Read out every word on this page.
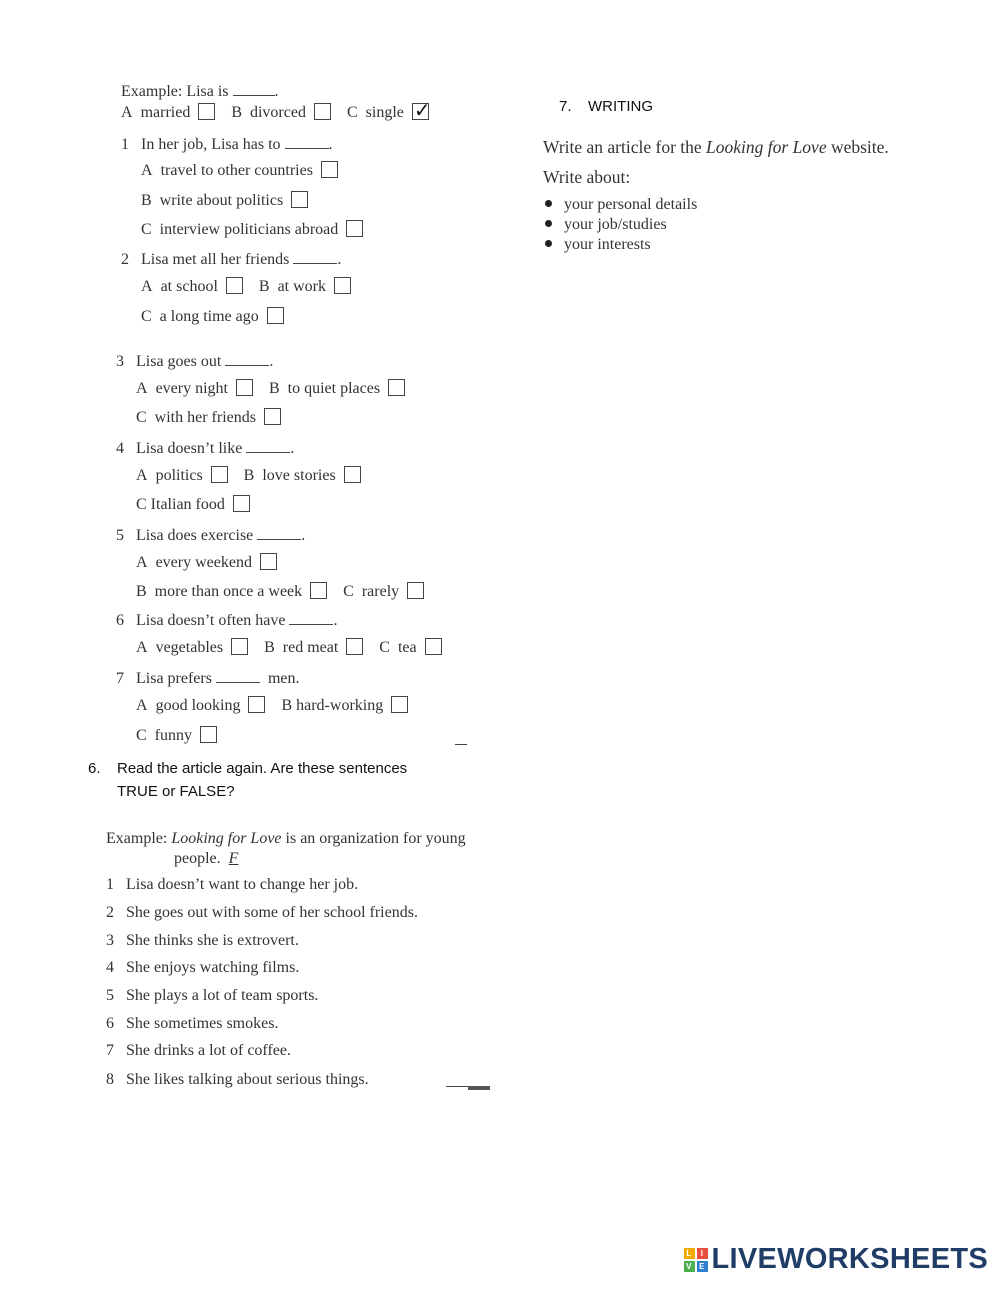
Example: Lisa is	.
A
married	B
divorced	C
single
✓
1 In her job, Lisa has to	.
A
travel to other countries
B
write about politics
C
interview politicians abroad
2 Lisa met all her friends	.
A
at school	B
at work
C
a long time ago
3 Lisa goes out	.
A
every night	B
to quiet places
C
with her friends
4 Lisa doesn’t like	.
A
politics	B
love stories
C
Italian food
5 Lisa does exercise	.
A
every weekend
B
more than once a week	C
rarely
6 Lisa doesn’t often have	.
A
vegetables	B
red meat	C
tea
7 Lisa prefers	men.
A
good looking	B
hard-working
C
funny
6. Read the article again. Are these sentences
TRUE or FALSE?
Example: Looking for Love is an organization for young
people. F
1 Lisa doesn’t want to change her job.
2 She goes out with some of her school friends.
3 She thinks she is extrovert.
4 She enjoys watching films.
5 She plays a lot of team sports.
6 She sometimes smokes.
7 She drinks a lot of coffee.
8 She likes talking about serious things.
7. WRITING
Write an article for the Looking for Love website.
Write about:
your personal details
your job/studies
your interests
L	I
V E LIVEWORKSHEETS
